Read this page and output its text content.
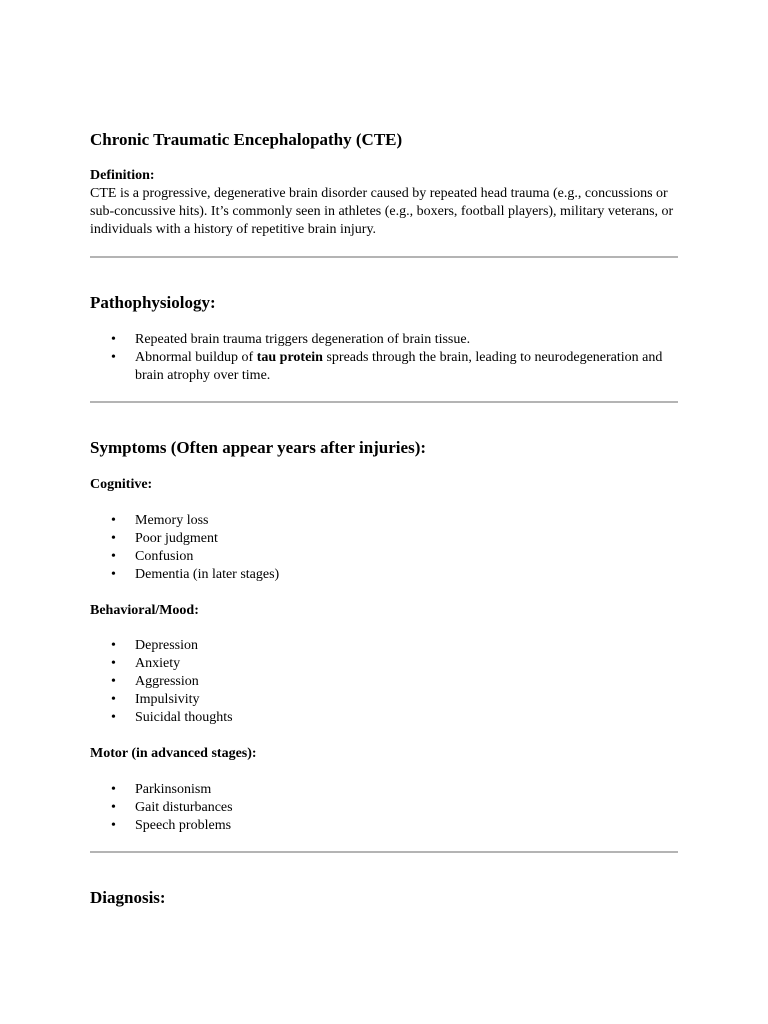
Chronic Traumatic Encephalopathy (CTE)

Definition:

CTE is a progressive, degenerative brain disorder caused by repeated head trauma (e.g., concussions or sub-concussive hits). It’s commonly seen in athletes (e.g., boxers, football players), military veterans, or individuals with a history of repetitive brain injury.

Pathophysiology:
• Repeated brain trauma triggers degeneration of brain tissue.
• Abnormal buildup of tau protein spreads through the brain, leading to neurodegeneration and brain atrophy over time.
Symptoms (Often appear years after injuries):
Cognitive:
• Memory loss
• Poor judgment
• Confusion
• Dementia (in later stages)
Behavioral/Mood:
• Depression
• Anxiety
• Aggression
• Impulsivity
• Suicidal thoughts
Motor (in advanced stages):
• Parkinsonism
• Gait disturbances
• Speech problems
Diagnosis:
